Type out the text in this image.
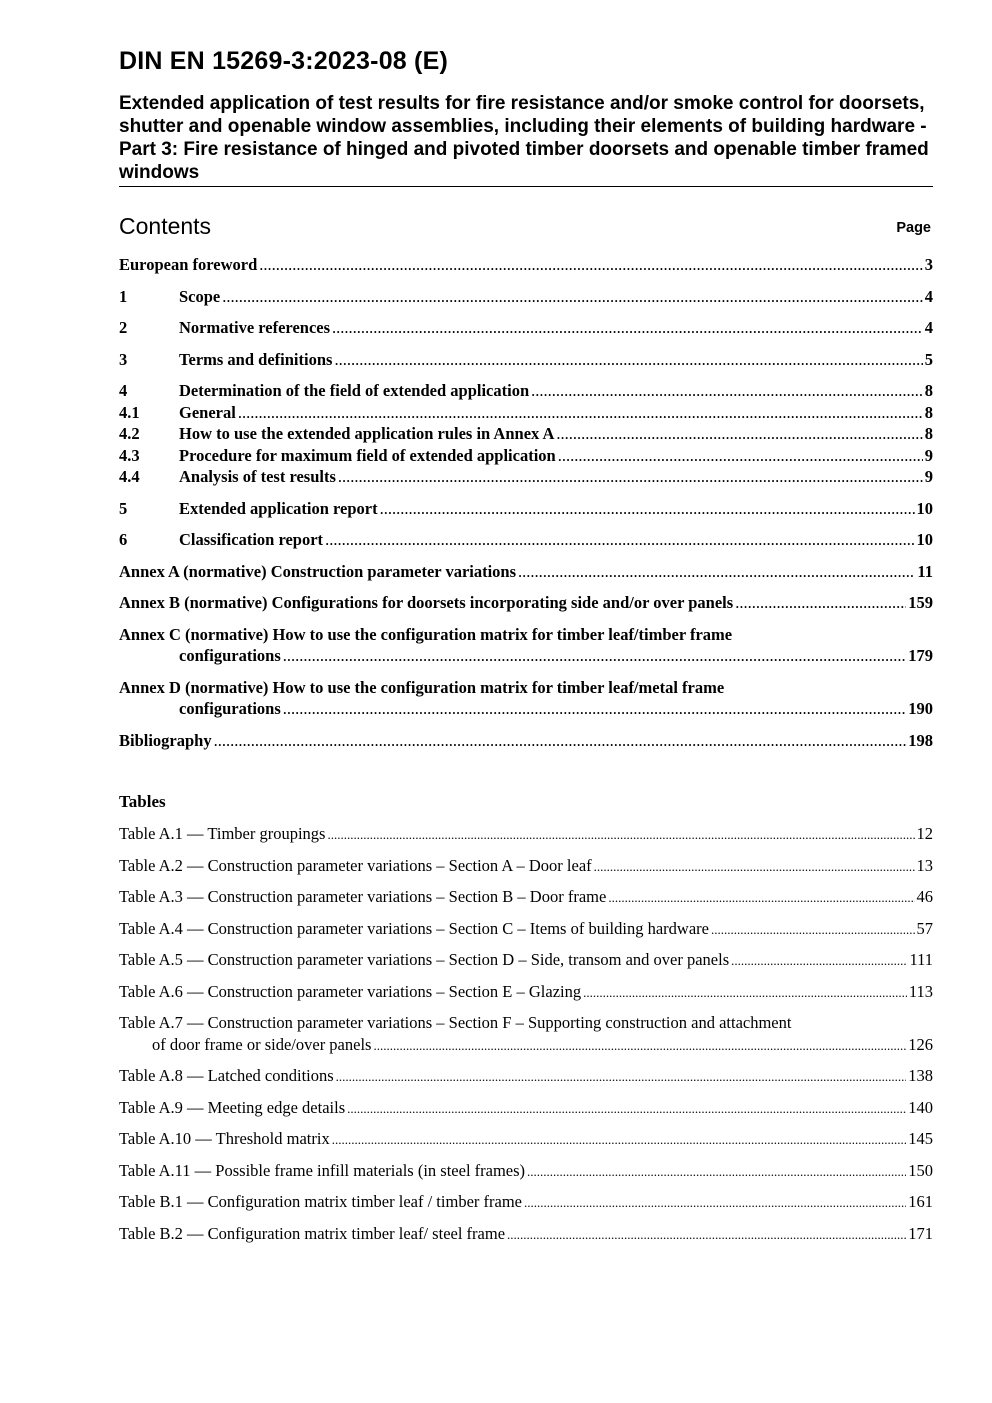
DIN EN 15269-3:2023-08 (E)
Extended application of test results for fire resistance and/or smoke control for doorsets, shutter and openable window assemblies, including their elements of building hardware - Part 3: Fire resistance of hinged and pivoted timber doorsets and openable timber framed windows
Contents	Page
European foreword .....	3
1	Scope .....	4
2	Normative references .....	4
3	Terms and definitions .....	5
4	Determination of the field of extended application .....	8
4.1	General .....	8
4.2	How to use the extended application rules in Annex A .....	8
4.3	Procedure for maximum field of extended application .....	9
4.4	Analysis of test results .....	9
5	Extended application report .....	10
6	Classification report .....	10
Annex A (normative) Construction parameter variations .....	11
Annex B (normative) Configurations for doorsets incorporating side and/or over panels .....	159
Annex C (normative) How to use the configuration matrix for timber leaf/timber frame
configurations .....	179
Annex D (normative) How to use the configuration matrix for timber leaf/metal frame
configurations .....	190
Bibliography .....	198
Tables
Table A.1 — Timber groupings .....	12
Table A.2 — Construction parameter variations – Section A – Door leaf .....	13
Table A.3 — Construction parameter variations – Section B – Door frame .....	46
Table A.4 — Construction parameter variations – Section C – Items of building hardware .....	57
Table A.5 — Construction parameter variations – Section D – Side, transom and over panels .....	111
Table A.6 — Construction parameter variations – Section E – Glazing .....	113
Table A.7 — Construction parameter variations – Section F – Supporting construction and attachment
of door frame or side/over panels .....	126
Table A.8 — Latched conditions .....	138
Table A.9 — Meeting edge details .....	140
Table A.10 — Threshold matrix .....	145
Table A.11 — Possible frame infill materials (in steel frames) .....	150
Table B.1 — Configuration matrix timber leaf / timber frame .....	161
Table B.2 — Configuration matrix timber leaf/ steel frame .....	171
